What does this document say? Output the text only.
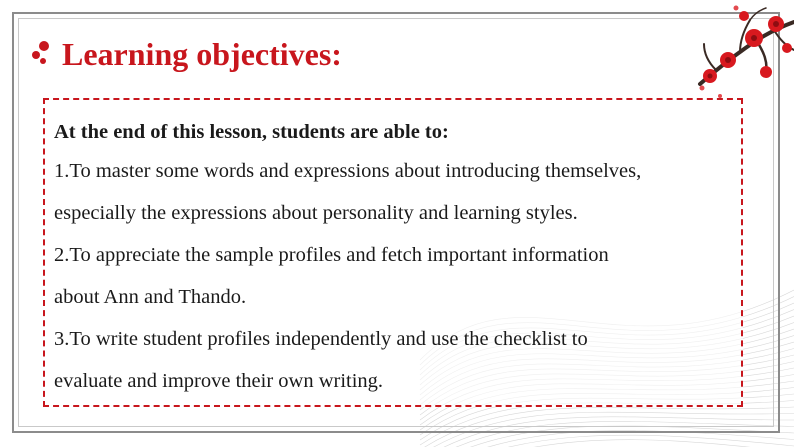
Learning objectives:
At the end of this lesson, students are able to:
1.To master some words and expressions about introducing themselves,
especially the expressions about personality and learning styles.
2.To appreciate the sample profiles and fetch important information
about Ann and Thando.
3.To write student profiles independently and use the checklist to
evaluate and improve their own writing.
